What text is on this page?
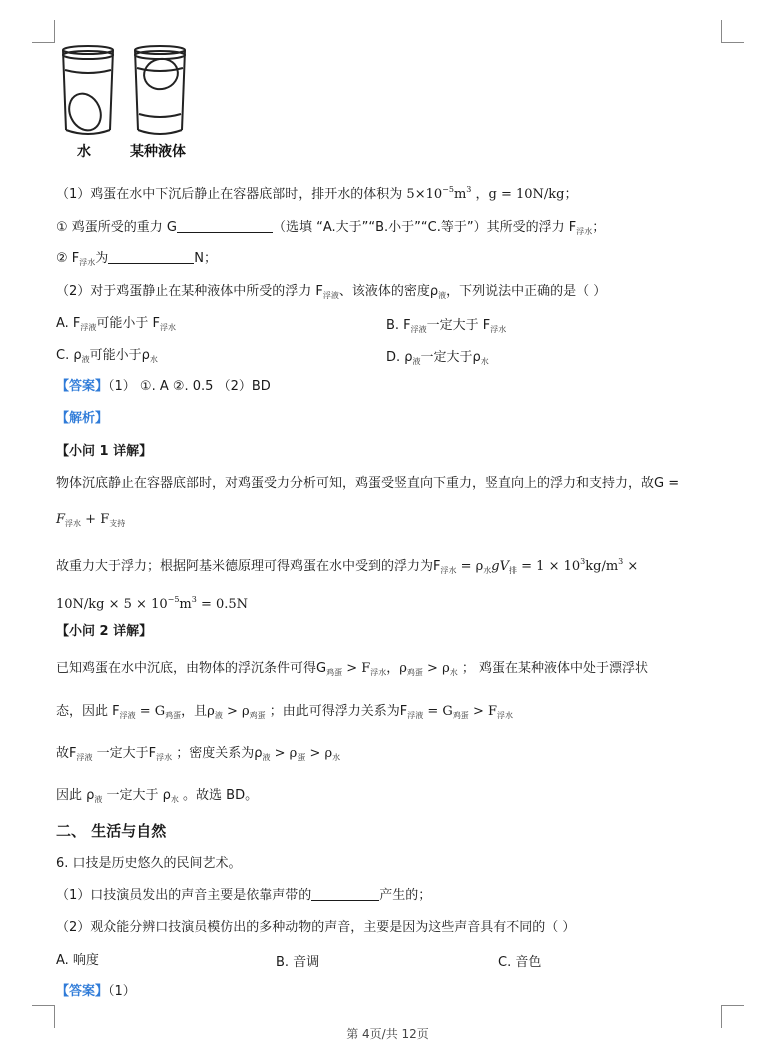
水	某种液体
（1）鸡蛋在水中下沉后静止在容器底部时，排开水的体积为 $5\times 10^{-5}m^3$ ，g = 10N/kg；
① 鸡蛋所受的重力 G	（选填 “A.大于”“B.小于”“C.等于”）其所受的浮力 $F_{浮水}$；
② $F_{浮水}$为	N；
（2）对于鸡蛋静止在某种液体中所受的浮力 $F_{浮液}$、该液体的密度$\rho_液$，下列说法中正确的是（ ）
A. $F_{浮液}$可能小于 $F_{浮水}$	B. $F_{浮液}$一定大于 $F_{浮水}$
C. $\rho_液$可能小于$\rho_水$	D. $\rho_液$一定大于$\rho_水$
【答案】（1） ①. A ②. 0.5 （2）BD
【解析】
【小问 1 详解】
物体沉底静止在容器底部时，对鸡蛋受力分析可知，鸡蛋受竖直向下重力，竖直向上的浮力和支持力，故G =
$F_{浮水} + F_{支持}$
故重力大于浮力；根据阿基米德原理可得鸡蛋在水中受到的浮力为$F_{浮水} = \rho_水gV_排 = 1 \times 10^3kg/m^3$ ×
$10N/kg \times 5 \times 10^{-5}m^3 = 0.5N$
【小问 2 详解】
已知鸡蛋在水中沉底，由物体的浮沉条件可得$G_{鸡蛋} > F_{浮水}$，$\rho_{鸡蛋} > \rho_水$ ； 鸡蛋在某种液体中处于漂浮状
态，因此 $F_{浮液} = G_{鸡蛋}$，且$\rho_液 > \rho_{鸡蛋}$ ；由此可得浮力关系为$F_{浮液} = G_{鸡蛋} > F_{浮水}$
故$F_{浮液}$ 一定大于$F_{浮水}$ ；密度关系为$\rho_液 > \rho_蛋 > \rho_水$
因此 $\rho_液$ 一定大于 $\rho_水$ 。故选 BD。
二、 生活与自然
6. 口技是历史悠久的民间艺术。
（1）口技演员发出的声音主要是依靠声带的	产生的；
（2）观众能分辨口技演员模仿出的多种动物的声音，主要是因为这些声音具有不同的（ ）
A. 响度	B. 音调	C. 音色
【答案】（1）
第 4页/共 12页
